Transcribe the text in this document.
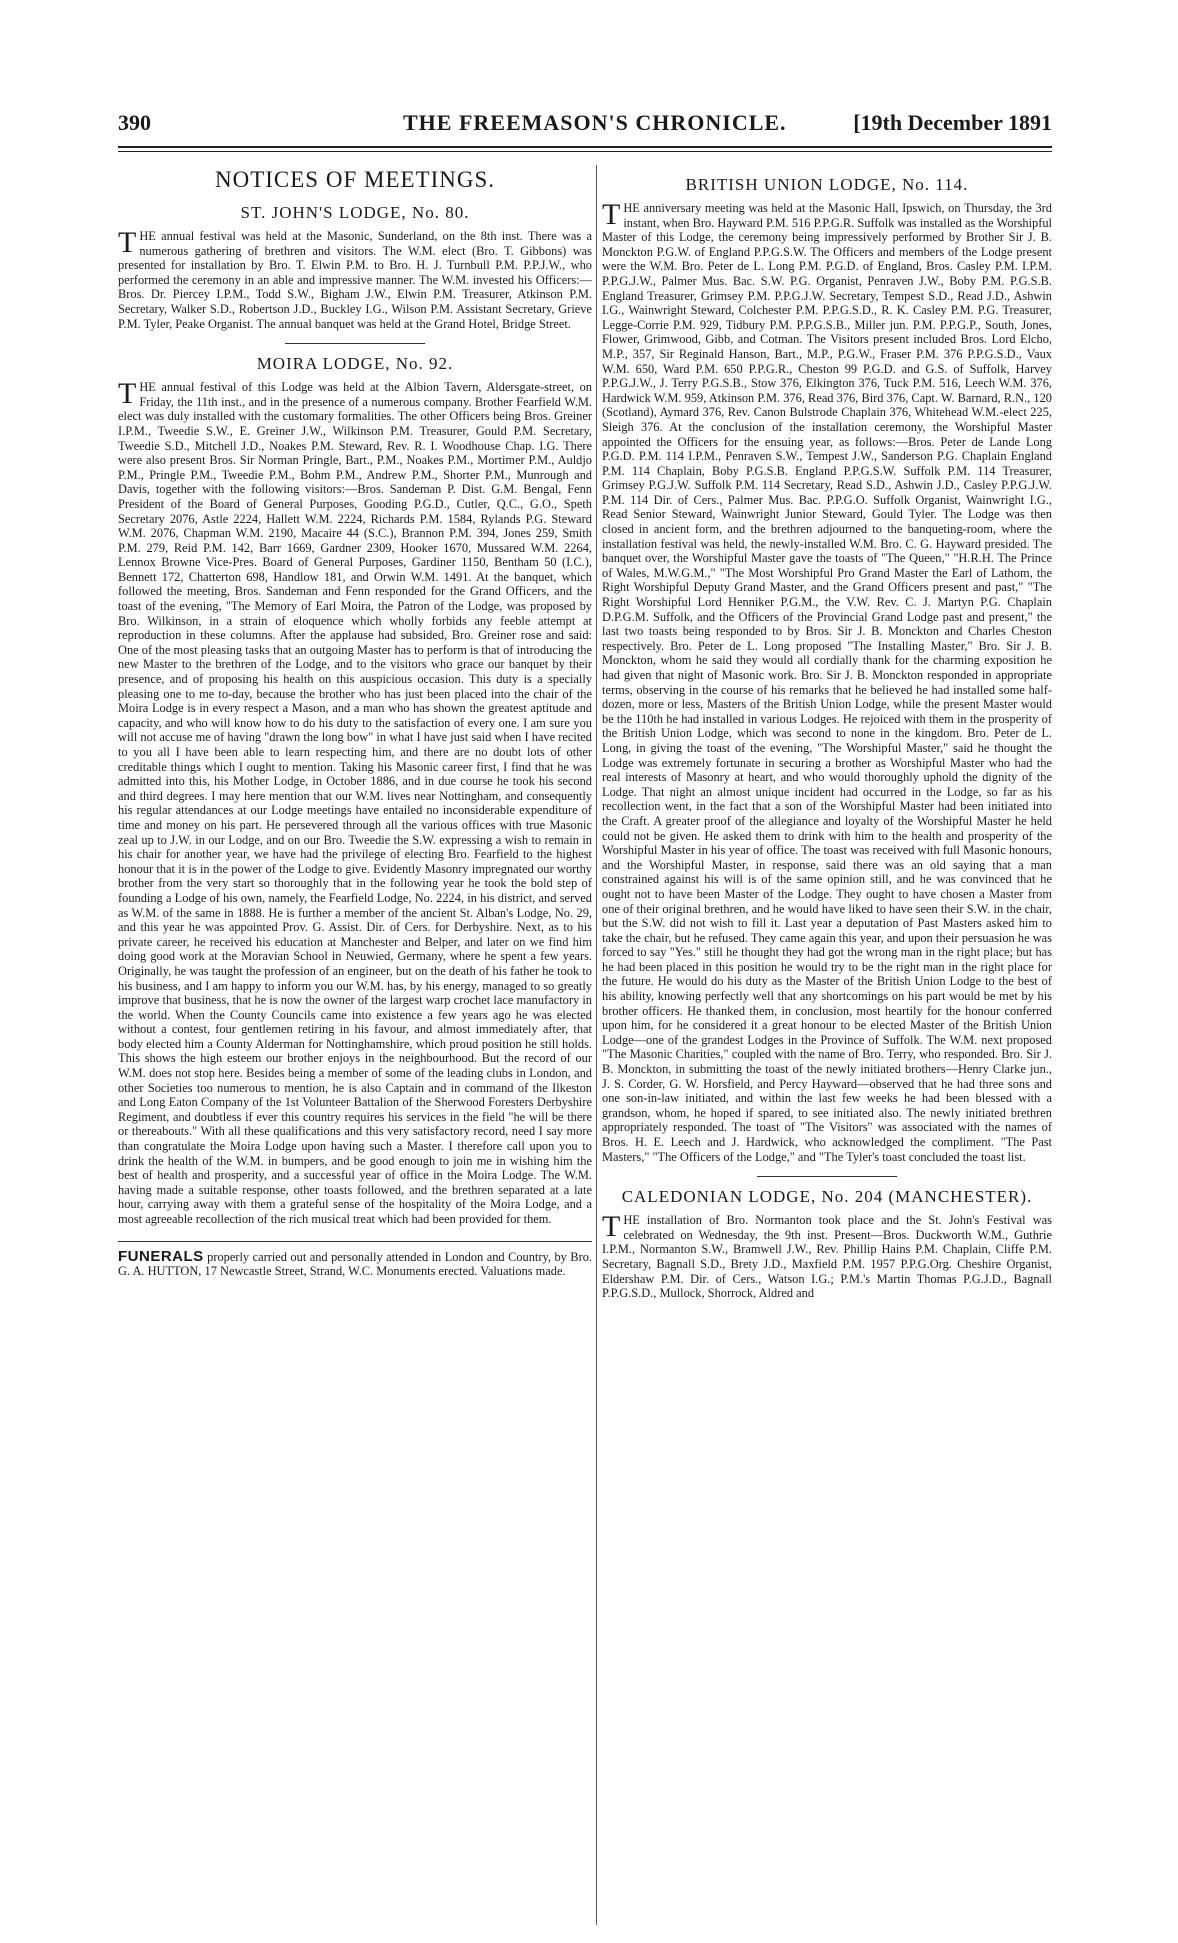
390	THE FREEMASON'S CHRONICLE.	[19th December 1891
NOTICES OF MEETINGS.
ST. JOHN'S LODGE, No. 80.

THE annual festival was held at the Masonic, Sunderland, on the 8th inst. There was a numerous gathering of brethren and visitors. The W.M. elect (Bro. T. Gibbons) was presented for installation by Bro. T. Elwin P.M. to Bro. H. J. Turnbull P.M. P.P.J.W., who performed the ceremony in an able and impressive manner. The W.M. invested his Officers:—Bros. Dr. Piercey I.P.M., Todd S.W., Bigham J.W., Elwin P.M. Treasurer, Atkinson P.M. Secretary, Walker S.D., Robertson J.D., Buckley I.G., Wilson P.M. Assistant Secretary, Grieve P.M. Tyler, Peake Organist. The annual banquet was held at the Grand Hotel, Bridge Street.

MOIRA LODGE, No. 92.

THE annual festival of this Lodge was held at the Albion Tavern, Aldersgate-street, on Friday, the 11th inst., and in the presence of a numerous company. Brother Fearfield W.M. elect was duly installed with the customary formalities. The other Officers being Bros. Greiner I.P.M., Tweedie S.W., E. Greiner J.W., Wilkinson P.M. Treasurer, Gould P.M. Secretary, Tweedie S.D., Mitchell J.D., Noakes P.M. Steward, Rev. R. I. Woodhouse Chap. I.G. There were also present Bros. Sir Norman Pringle, Bart., P.M., Noakes P.M., Mortimer P.M., Auldjo P.M., Pringle P.M., Tweedie P.M., Bohm P.M., Andrew P.M., Shorter P.M., Munrough and Davis, together with the following visitors:—Bros. Sandeman P. Dist. G.M. Bengal, Fenn President of the Board of General Purposes, Gooding P.G.D., Cutler, Q.C., G.O., Speth Secretary 2076, Astle 2224, Hallett W.M. 2224, Richards P.M. 1584, Rylands P.G. Steward W.M. 2076, Chapman W.M. 2190, Macaire 44 (S.C.), Brannon P.M. 394, Jones 259, Smith P.M. 279, Reid P.M. 142, Barr 1669, Gardner 2309, Hooker 1670, Mussared W.M. 2264, Lennox Browne Vice-Pres. Board of General Purposes, Gardiner 1150, Bentham 50 (I.C.), Bennett 172, Chatterton 698, Handlow 181, and Orwin W.M. 1491. At the banquet, which followed the meeting, Bros. Sandeman and Fenn responded for the Grand Officers, and the toast of the evening, "The Memory of Earl Moira, the Patron of the Lodge, was proposed by Bro. Wilkinson, in a strain of eloquence which wholly forbids any feeble attempt at reproduction in these columns. After the applause had subsided, Bro. Greiner rose and said: One of the most pleasing tasks that an outgoing Master has to perform is that of introducing the new Master to the brethren of the Lodge, and to the visitors who grace our banquet by their presence, and of proposing his health on this auspicious occasion. This duty is a specially pleasing one to me to-day, because the brother who has just been placed into the chair of the Moira Lodge is in every respect a Mason, and a man who has shown the greatest aptitude and capacity, and who will know how to do his duty to the satisfaction of every one. I am sure you will not accuse me of having "drawn the long bow" in what I have just said when I have recited to you all I have been able to learn respecting him, and there are no doubt lots of other creditable things which I ought to mention. Taking his Masonic career first, I find that he was admitted into this, his Mother Lodge, in October 1886, and in due course he took his second and third degrees. I may here mention that our W.M. lives near Nottingham, and consequently his regular attendances at our Lodge meetings have entailed no inconsiderable expenditure of time and money on his part. He persevered through all the various offices with true Masonic zeal up to J.W. in our Lodge, and on our Bro. Tweedie the S.W. expressing a wish to remain in his chair for another year, we have had the privilege of electing Bro. Fearfield to the highest honour that it is in the power of the Lodge to give. Evidently Masonry impregnated our worthy brother from the very start so thoroughly that in the following year he took the bold step of founding a Lodge of his own, namely, the Fearfield Lodge, No. 2224, in his district, and served as W.M. of the same in 1888. He is further a member of the ancient St. Alban's Lodge, No. 29, and this year he was appointed Prov. G. Assist. Dir. of Cers. for Derbyshire. Next, as to his private career, he received his education at Manchester and Belper, and later on we find him doing good work at the Moravian School in Neuwied, Germany, where he spent a few years. Originally, he was taught the profession of an engineer, but on the death of his father he took to his business, and I am happy to inform you our W.M. has, by his energy, managed to so greatly improve that business, that he is now the owner of the largest warp crochet lace manufactory in the world. When the County Councils came into existence a few years ago he was elected without a contest, four gentlemen retiring in his favour, and almost immediately after, that body elected him a County Alderman for Nottinghamshire, which proud position he still holds. This shows the high esteem our brother enjoys in the neighbourhood. But the record of our W.M. does not stop here. Besides being a member of some of the leading clubs in London, and other Societies too numerous to mention, he is also Captain and in command of the Ilkeston and Long Eaton Company of the 1st Volunteer Battalion of the Sherwood Foresters Derbyshire Regiment, and doubtless if ever this country requires his services in the field "he will be there or thereabouts." With all these qualifications and this very satisfactory record, need I say more than congratulate the Moira Lodge upon having such a Master. I therefore call upon you to drink the health of the W.M. in bumpers, and be good enough to join me in wishing him the best of health and prosperity, and a successful year of office in the Moira Lodge. The W.M. having made a suitable response, other toasts followed, and the brethren separated at a late hour, carrying away with them a grateful sense of the hospitality of the Moira Lodge, and a most agreeable recollection of the rich musical treat which had been provided for them.

FUNERALS properly carried out and personally attended in London and Country, by Bro. G. A. HUTTON, 17 Newcastle Street, Strand, W.C. Monuments erected. Valuations made.

BRITISH UNION LODGE, No. 114.

THE anniversary meeting was held at the Masonic Hall, Ipswich, on Thursday, the 3rd instant, when Bro. Hayward P.M. 516 P.P.G.R. Suffolk was installed as the Worshipful Master of this Lodge, the ceremony being impressively performed by Brother Sir J. B. Monckton P.G.W. of England P.P.G.S.W. The Officers and members of the Lodge present were the W.M. Bro. Peter de L. Long P.M. P.G.D. of England, Bros. Casley P.M. I.P.M. P.P.G.J.W., Palmer Mus. Bac. S.W. P.G. Organist, Penraven J.W., Boby P.M. P.G.S.B. England Treasurer, Grimsey P.M. P.P.G.J.W. Secretary, Tempest S.D., Read J.D., Ashwin I.G., Wainwright Steward, Colchester P.M. P.P.G.S.D., R. K. Casley P.M. P.G. Treasurer, Legge-Corrie P.M. 929, Tidbury P.M. P.P.G.S.B., Miller jun. P.M. P.P.G.P., South, Jones, Flower, Grimwood, Gibb, and Cotman. The Visitors present included Bros. Lord Elcho, M.P., 357, Sir Reginald Hanson, Bart., M.P., P.G.W., Fraser P.M. 376 P.P.G.S.D., Vaux W.M. 650, Ward P.M. 650 P.P.G.R., Cheston 99 P.G.D. and G.S. of Suffolk, Harvey P.P.G.J.W., J. Terry P.G.S.B., Stow 376, Elkington 376, Tuck P.M. 516, Leech W.M. 376, Hardwick W.M. 959, Atkinson P.M. 376, Read 376, Bird 376, Capt. W. Barnard, R.N., 120 (Scotland), Aymard 376, Rev. Canon Bulstrode Chaplain 376, Whitehead W.M.-elect 225, Sleigh 376. At the conclusion of the installation ceremony, the Worshipful Master appointed the Officers for the ensuing year, as follows:—Bros. Peter de Lande Long P.G.D. P.M. 114 I.P.M., Penraven S.W., Tempest J.W., Sanderson P.G. Chaplain England P.M. 114 Chaplain, Boby P.G.S.B. England P.P.G.S.W. Suffolk P.M. 114 Treasurer, Grimsey P.G.J.W. Suffolk P.M. 114 Secretary, Read S.D., Ashwin J.D., Casley P.P.G.J.W. P.M. 114 Dir. of Cers., Palmer Mus. Bac. P.P.G.O. Suffolk Organist, Wainwright I.G., Read Senior Steward, Wainwright Junior Steward, Gould Tyler. The Lodge was then closed in ancient form, and the brethren adjourned to the banqueting-room, where the installation festival was held, the newly-installed W.M. Bro. C. G. Hayward presided. The banquet over, the Worshipful Master gave the toasts of "The Queen," "H.R.H. The Prince of Wales, M.W.G.M.," "The Most Worshipful Pro Grand Master the Earl of Lathom, the Right Worshipful Deputy Grand Master, and the Grand Officers present and past," "The Right Worshipful Lord Henniker P.G.M., the V.W. Rev. C. J. Martyn P.G. Chaplain D.P.G.M. Suffolk, and the Officers of the Provincial Grand Lodge past and present," the last two toasts being responded to by Bros. Sir J. B. Monckton and Charles Cheston respectively. Bro. Peter de L. Long proposed "The Installing Master," Bro. Sir J. B. Monckton, whom he said they would all cordially thank for the charming exposition he had given that night of Masonic work. Bro. Sir J. B. Monckton responded in appropriate terms, observing in the course of his remarks that he believed he had installed some half-dozen, more or less, Masters of the British Union Lodge, while the present Master would be the 110th he had installed in various Lodges. He rejoiced with them in the prosperity of the British Union Lodge, which was second to none in the kingdom. Bro. Peter de L. Long, in giving the toast of the evening, "The Worshipful Master," said he thought the Lodge was extremely fortunate in securing a brother as Worshipful Master who had the real interests of Masonry at heart, and who would thoroughly uphold the dignity of the Lodge. That night an almost unique incident had occurred in the Lodge, so far as his recollection went, in the fact that a son of the Worshipful Master had been initiated into the Craft. A greater proof of the allegiance and loyalty of the Worshipful Master he held could not be given. He asked them to drink with him to the health and prosperity of the Worshipful Master in his year of office. The toast was received with full Masonic honours, and the Worshipful Master, in response, said there was an old saying that a man constrained against his will is of the same opinion still, and he was convinced that he ought not to have been Master of the Lodge. They ought to have chosen a Master from one of their original brethren, and he would have liked to have seen their S.W. in the chair, but the S.W. did not wish to fill it. Last year a deputation of Past Masters asked him to take the chair, but he refused. They came again this year, and upon their persuasion he was forced to say "Yes." still he thought they had got the wrong man in the right place; but has he had been placed in this position he would try to be the right man in the right place for the future. He would do his duty as the Master of the British Union Lodge to the best of his ability, knowing perfectly well that any shortcomings on his part would be met by his brother officers. He thanked them, in conclusion, most heartily for the honour conferred upon him, for he considered it a great honour to be elected Master of the British Union Lodge—one of the grandest Lodges in the Province of Suffolk. The W.M. next proposed "The Masonic Charities," coupled with the name of Bro. Terry, who responded. Bro. Sir J. B. Monckton, in submitting the toast of the newly initiated brothers—Henry Clarke jun., J. S. Corder, G. W. Horsfield, and Percy Hayward—observed that he had three sons and one son-in-law initiated, and within the last few weeks he had been blessed with a grandson, whom, he hoped if spared, to see initiated also. The newly initiated brethren appropriately responded. The toast of "The Visitors" was associated with the names of Bros. H. E. Leech and J. Hardwick, who acknowledged the compliment. "The Past Masters," "The Officers of the Lodge," and "The Tyler's toast concluded the toast list.

CALEDONIAN LODGE, No. 204 (MANCHESTER).

THE installation of Bro. Normanton took place and the St. John's Festival was celebrated on Wednesday, the 9th inst. Present—Bros. Duckworth W.M., Guthrie I.P.M., Normanton S.W., Bramwell J.W., Rev. Phillip Hains P.M. Chaplain, Cliffe P.M. Secretary, Bagnall S.D., Brety J.D., Maxfield P.M. 1957 P.P.G.Org. Cheshire Organist, Eldershaw P.M. Dir. of Cers., Watson I.G.; P.M.'s Martin Thomas P.G.J.D., Bagnall P.P.G.S.D., Mullock, Shorrock, Aldred and
